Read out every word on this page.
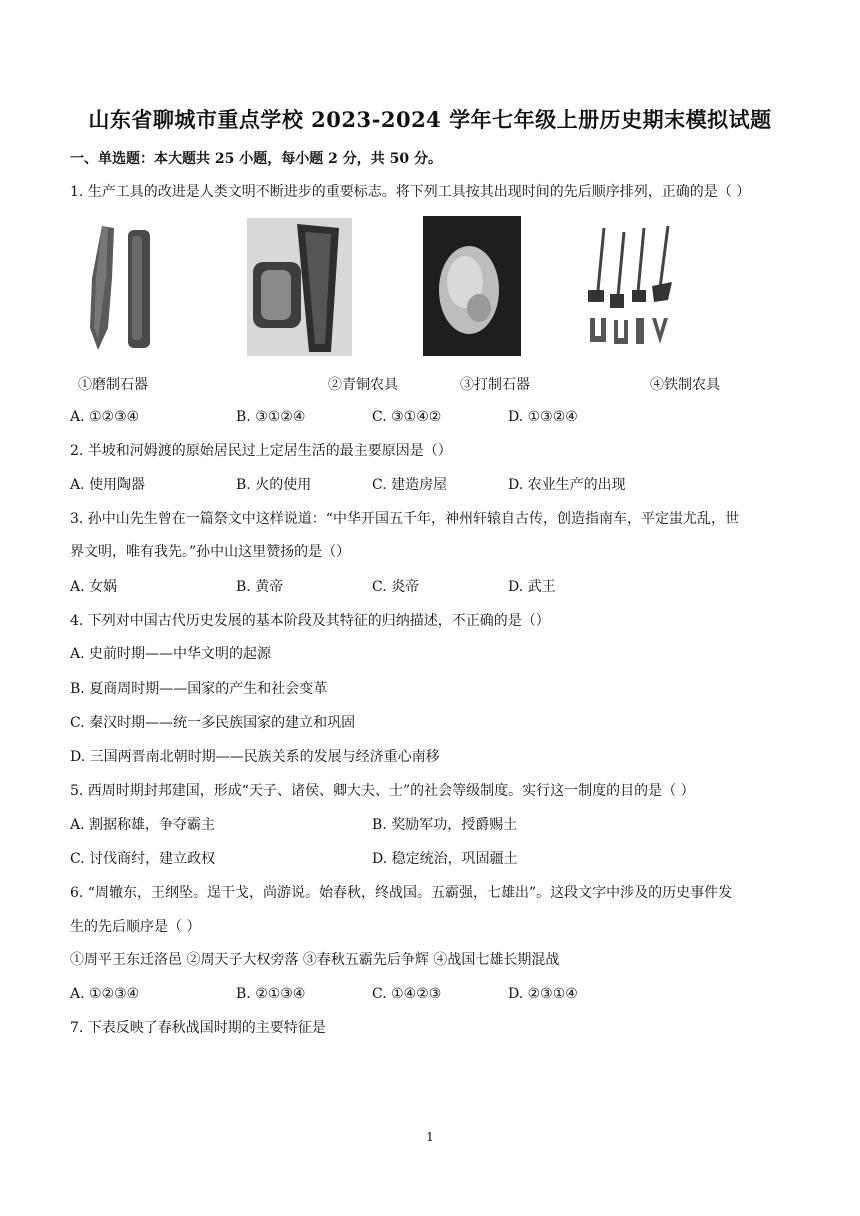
山东省聊城市重点学校 2023-2024 学年七年级上册历史期末模拟试题
一、单选题：本大题共 25 小题，每小题 2 分，共 50 分。
1. 生产工具的改进是人类文明不断进步的重要标志。将下列工具按其出现时间的先后顺序排列，正确的是（ ）
①磨制石器	②青铜农具	③打制石器	④铁制农具
A. ①②③④	B. ③①②④	C. ③①④②	D. ①③②④
2. 半坡和河姆渡的原始居民过上定居生活的最主要原因是（）
A. 使用陶器	B. 火的使用	C. 建造房屋	D. 农业生产的出现
3. 孙中山先生曾在一篇祭文中这样说道：“中华开国五千年，神州轩辕自古传，创造指南车，平定蚩尤乱，世
界文明，唯有我先。”孙中山这里赞扬的是（）
A. 女娲	B. 黄帝	C. 炎帝	D. 武王
4. 下列对中国古代历史发展的基本阶段及其特征的归纳描述，不正确的是（）
A. 史前时期——中华文明的起源
B. 夏商周时期——国家的产生和社会变革
C. 秦汉时期——统一多民族国家的建立和巩固
D. 三国两晋南北朝时期——民族关系的发展与经济重心南移
5. 西周时期封邦建国，形成“天子、诸侯、卿大夫、士”的社会等级制度。实行这一制度的目的是（ ）
A. 割据称雄，争夺霸主	B. 奖励军功，授爵赐土
C. 讨伐商纣，建立政权	D. 稳定统治，巩固疆土
6. “周辙东，王纲坠。逞干戈，尚游说。始春秋，终战国。五霸强，七雄出”。这段文字中涉及的历史事件发
生的先后顺序是（ ）
①周平王东迁洛邑 ②周天子大权旁落 ③春秋五霸先后争辉 ④战国七雄长期混战
A. ①②③④	B. ②①③④	C. ①④②③	D. ②③①④
7. 下表反映了春秋战国时期的主要特征是
1
